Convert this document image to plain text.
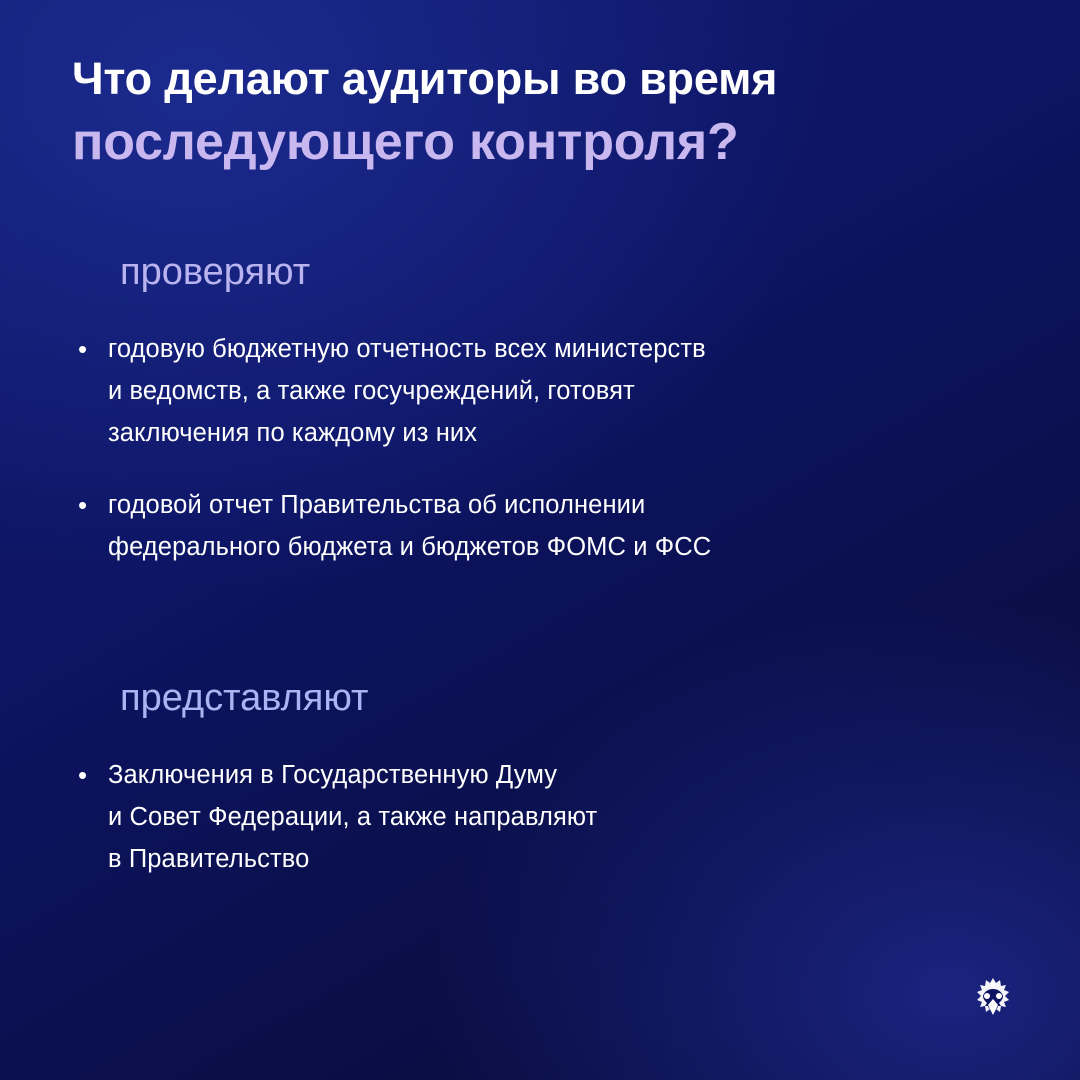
Что делают аудиторы во время
последующего контроля?
проверяют
• годовую бюджетную отчетность всех министерств
и ведомств, а также госучреждений, готовят
заключения по каждому из них
• годовой отчет Правительства об исполнении
федерального бюджета и бюджетов ФОМС и ФСС
представляют
• Заключения в Государственную Думу
и Совет Федерации, а также направляют
в Правительство
